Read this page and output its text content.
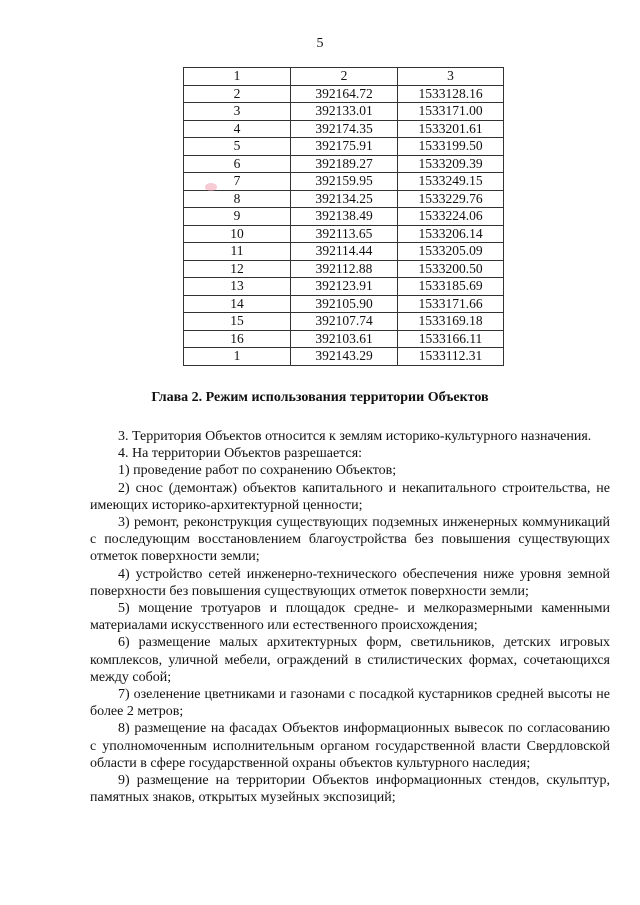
5
1	2	3
2	392164.72	1533128.16
3	392133.01	1533171.00
4	392174.35	1533201.61
5	392175.91	1533199.50
6	392189.27	1533209.39
7	392159.95	1533249.15
8	392134.25	1533229.76
9	392138.49	1533224.06
10	392113.65	1533206.14
11	392114.44	1533205.09
12	392112.88	1533200.50
13	392123.91	1533185.69
14	392105.90	1533171.66
15	392107.74	1533169.18
16	392103.61	1533166.11
1	392143.29	1533112.31
Глава 2. Режим использования территории Объектов

3. Территория Объектов относится к землям историко-культурного назначения.

4. На территории Объектов разрешается:

1) проведение работ по сохранению Объектов;

2) снос (демонтаж) объектов капитального и некапитального строительства, не имеющих историко-архитектурной ценности;

3) ремонт, реконструкция существующих подземных инженерных коммуникаций с последующим восстановлением благоустройства без повышения существующих отметок поверхности земли;

4) устройство сетей инженерно-технического обеспечения ниже уровня земной поверхности без повышения существующих отметок поверхности земли;

5) мощение тротуаров и площадок средне- и мелкоразмерными каменными материалами искусственного или естественного происхождения;

6) размещение малых архитектурных форм, светильников, детских игровых комплексов, уличной мебели, ограждений в стилистических формах, сочетающихся между собой;

7) озеленение цветниками и газонами с посадкой кустарников средней высоты не более 2 метров;

8) размещение на фасадах Объектов информационных вывесок по согласованию с уполномоченным исполнительным органом государственной власти Свердловской области в сфере государственной охраны объектов культурного наследия;

9) размещение на территории Объектов информационных стендов, скульптур, памятных знаков, открытых музейных экспозиций;
